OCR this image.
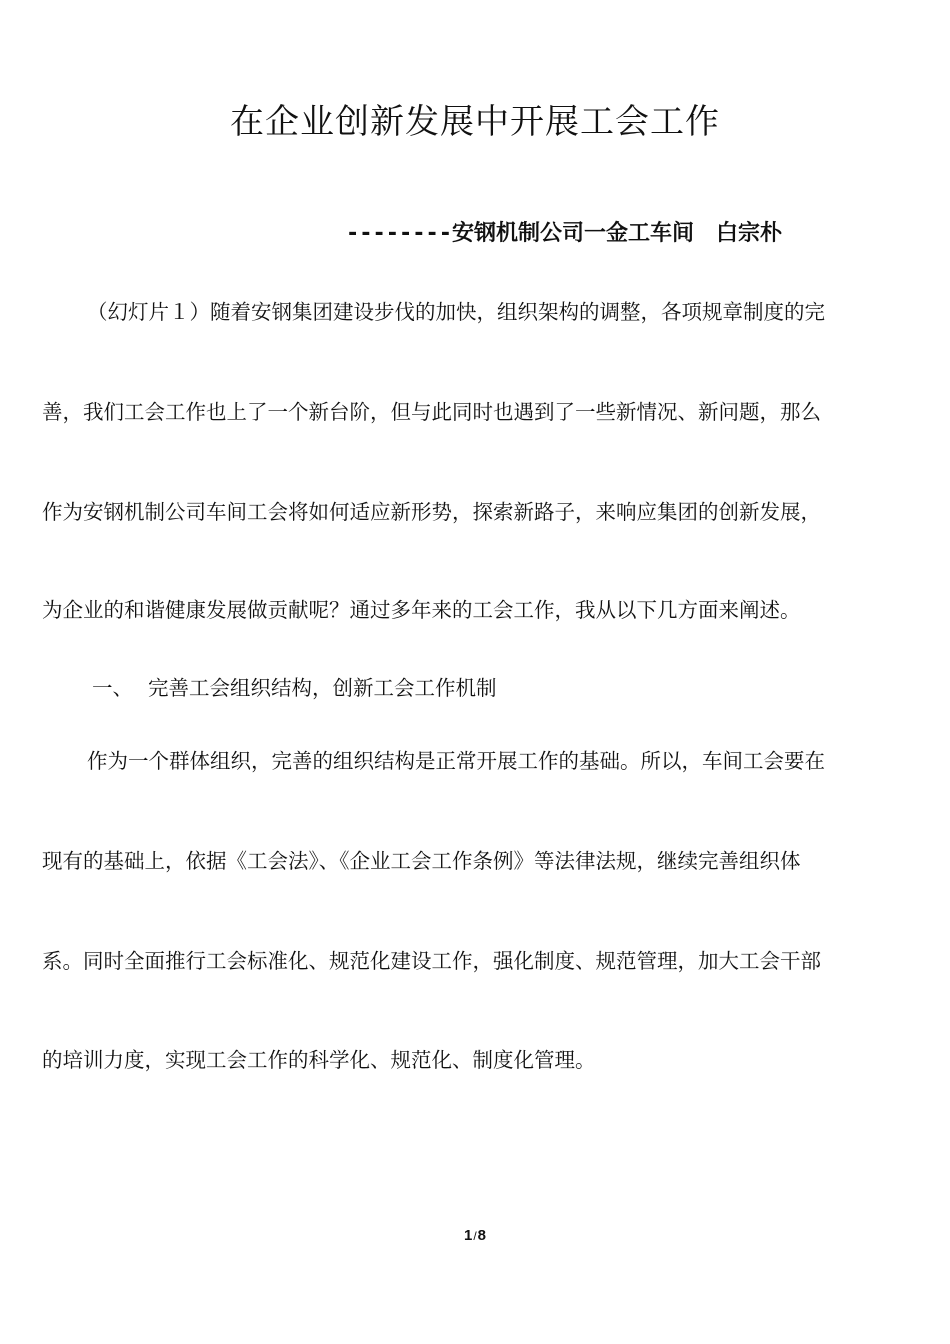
在企业创新发展中开展工会工作
--------安钢机制公司一金工车间　白宗朴
（幻灯片１）随着安钢集团建设步伐的加快，组织架构的调整，各项规章制度的完
善，我们工会工作也上了一个新台阶，但与此同时也遇到了一些新情况、新问题，那么
作为安钢机制公司车间工会将如何适应新形势，探索新路子，来响应集团的创新发展，
为企业的和谐健康发展做贡献呢？通过多年来的工会工作，我从以下几方面来阐述。
一、 完善工会组织结构，创新工会工作机制
作为一个群体组织，完善的组织结构是正常开展工作的基础。所以，车间工会要在
现有的基础上，依据《工会法》、《企业工会工作条例》等法律法规，继续完善组织体
系。同时全面推行工会标准化、规范化建设工作，强化制度、规范管理，加大工会干部
的培训力度，实现工会工作的科学化、规范化、制度化管理。
1/8
